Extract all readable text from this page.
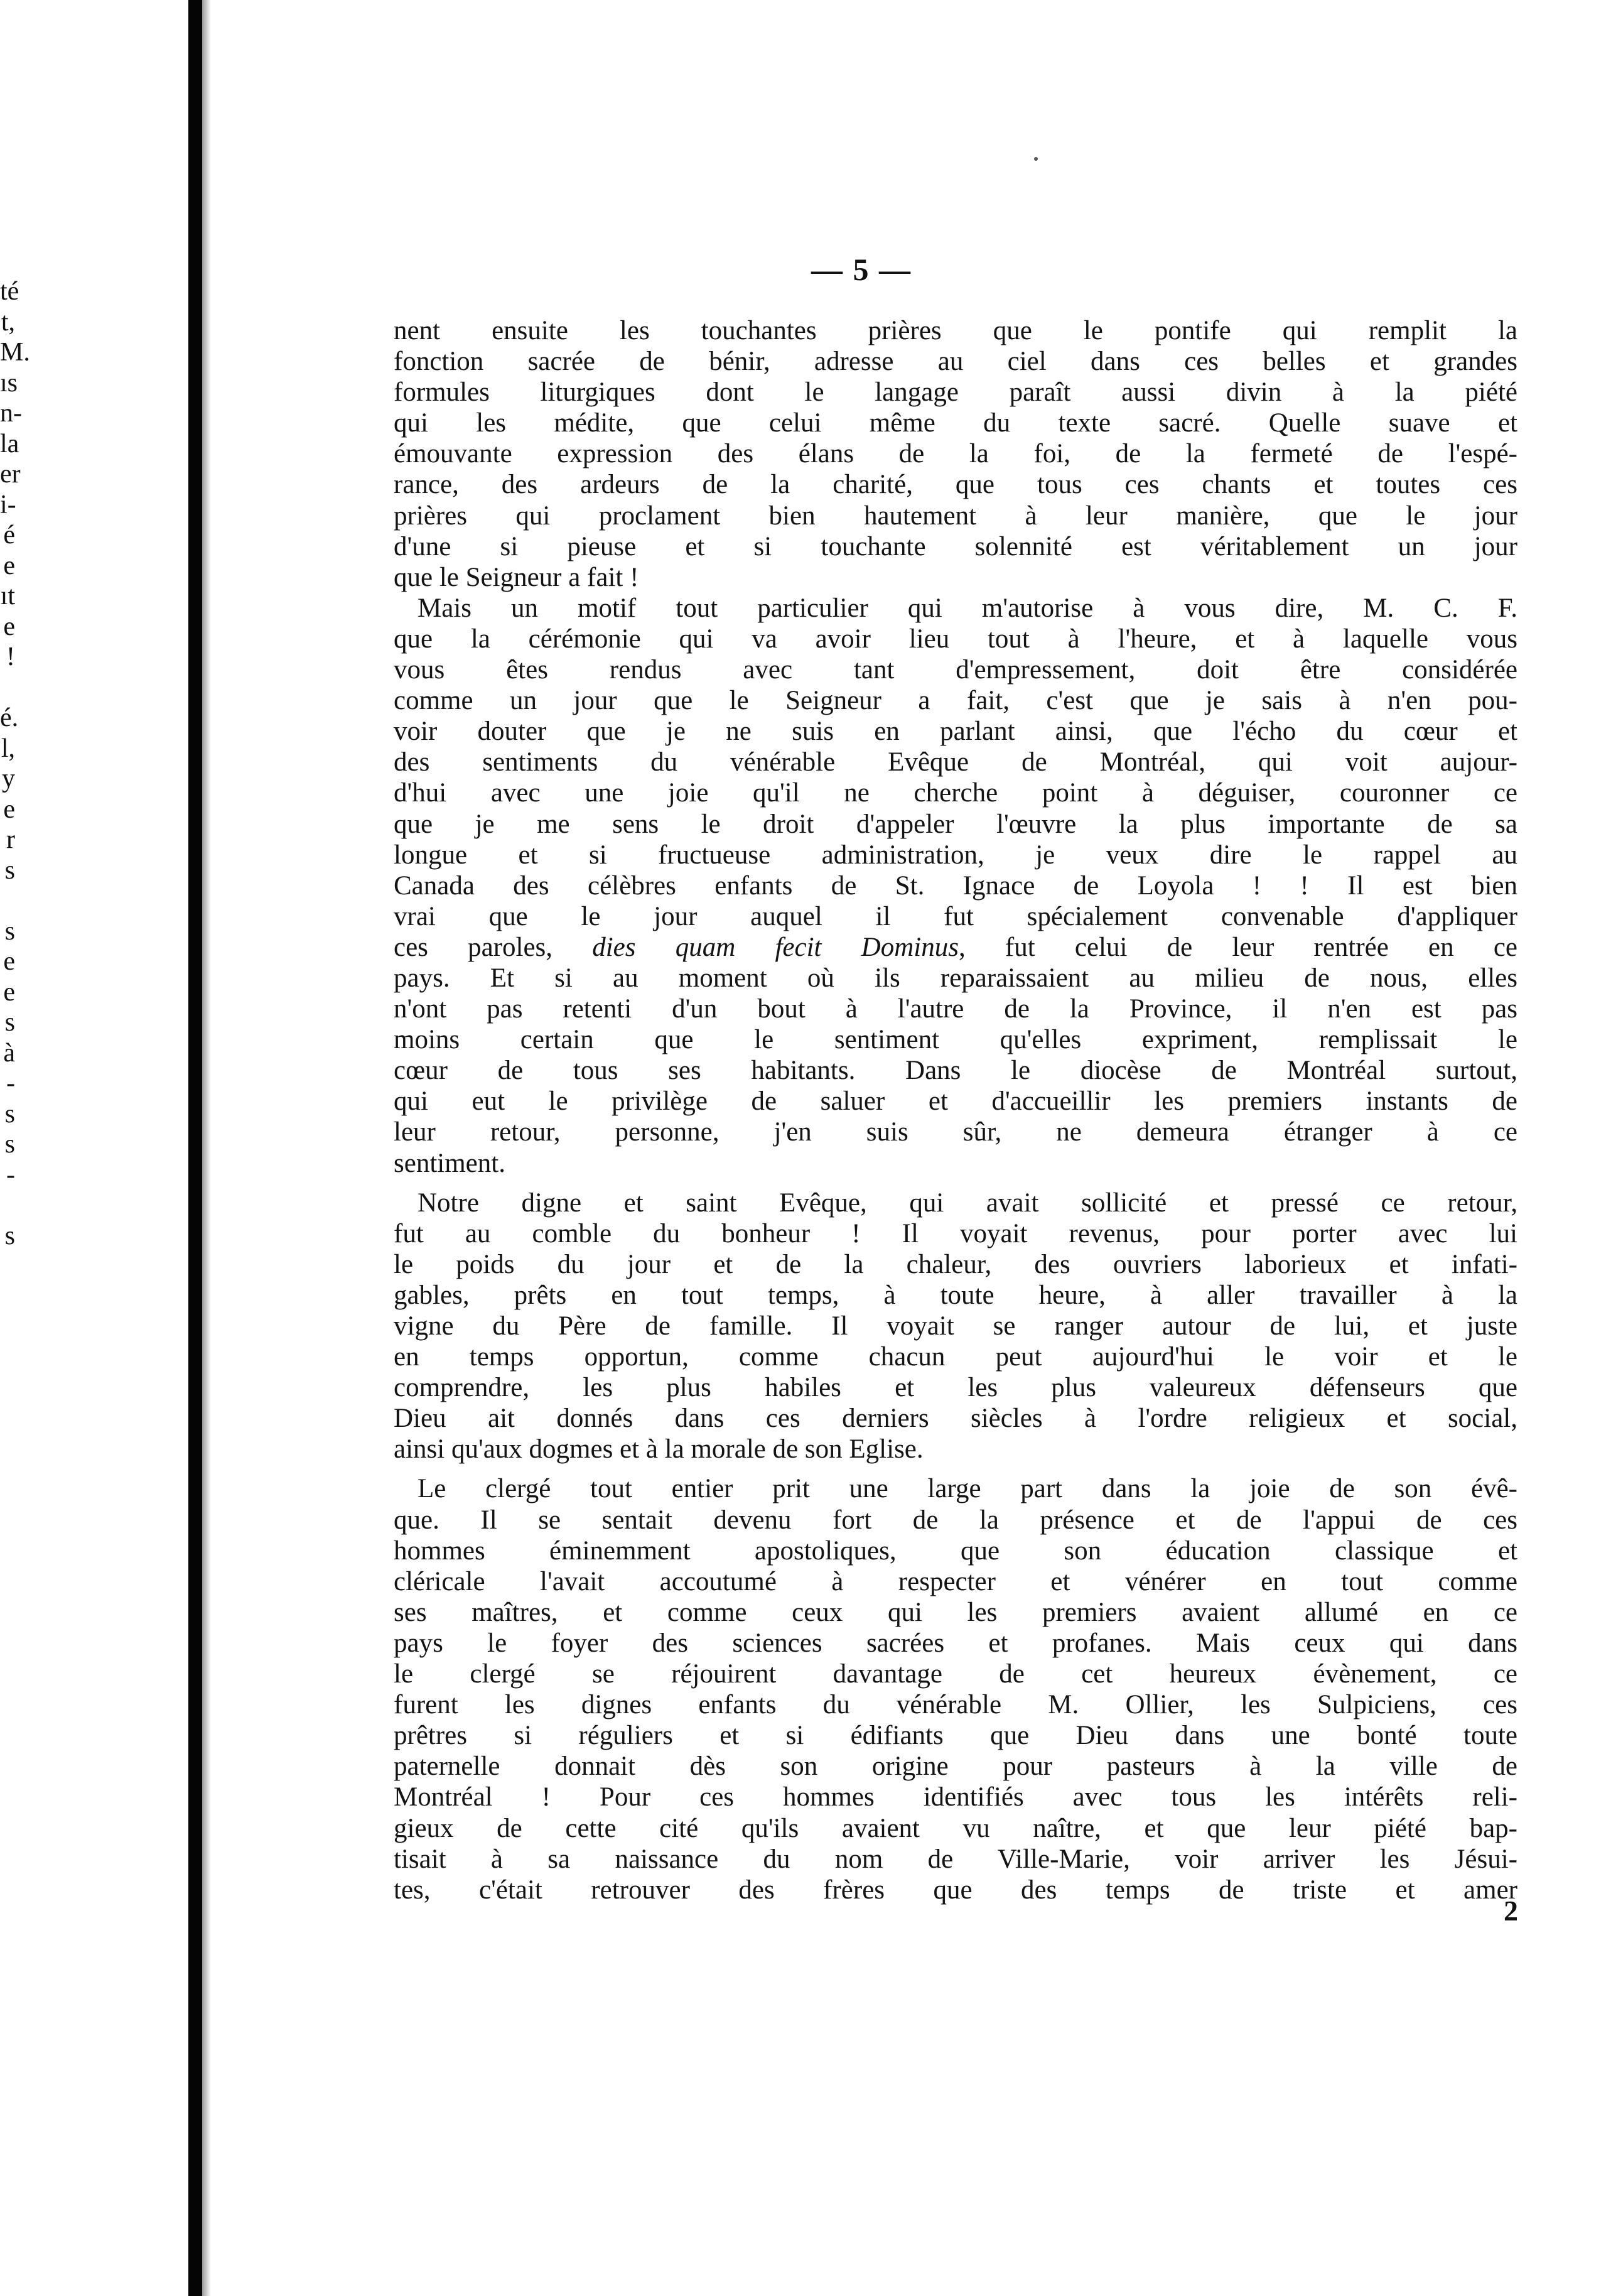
té
t,
M.
ıs
n-
la
er
i-
é
e
ıt
e
!
é.
l,
y
e
r
s
s
e
e
s
à
-
s
s
-
s
— 5 —
nent ensuite les touchantes prières que le pontife qui remplit la
fonction sacrée de bénir, adresse au ciel dans ces belles et grandes
formules liturgiques dont le langage paraît aussi divin à la piété
qui les médite, que celui même du texte sacré. Quelle suave et
émouvante expression des élans de la foi, de la fermeté de l'espé-
rance, des ardeurs de la charité, que tous ces chants et toutes ces
prières qui proclament bien hautement à leur manière, que le jour
d'une si pieuse et si touchante solennité est véritablement un jour
que le Seigneur a fait !
Mais un motif tout particulier qui m'autorise à vous dire, M. C. F.
que la cérémonie qui va avoir lieu tout à l'heure, et à laquelle vous
vous êtes rendus avec tant d'empressement, doit être considérée
comme un jour que le Seigneur a fait, c'est que je sais à n'en pou-
voir douter que je ne suis en parlant ainsi, que l'écho du cœur et
des sentiments du vénérable Evêque de Montréal, qui voit aujour-
d'hui avec une joie qu'il ne cherche point à déguiser, couronner ce
que je me sens le droit d'appeler l'œuvre la plus importante de sa
longue et si fructueuse administration, je veux dire le rappel au
Canada des célèbres enfants de St. Ignace de Loyola ! ! Il est bien
vrai que le jour auquel il fut spécialement convenable d'appliquer
ces paroles, dies quam fecit Dominus, fut celui de leur rentrée en ce
pays. Et si au moment où ils reparaissaient au milieu de nous, elles
n'ont pas retenti d'un bout à l'autre de la Province, il n'en est pas
moins certain que le sentiment qu'elles expriment, remplissait le
cœur de tous ses habitants. Dans le diocèse de Montréal surtout,
qui eut le privilège de saluer et d'accueillir les premiers instants de
leur retour, personne, j'en suis sûr, ne demeura étranger à ce
sentiment.
Notre digne et saint Evêque, qui avait sollicité et pressé ce retour,
fut au comble du bonheur ! Il voyait revenus, pour porter avec lui
le poids du jour et de la chaleur, des ouvriers laborieux et infati-
gables, prêts en tout temps, à toute heure, à aller travailler à la
vigne du Père de famille. Il voyait se ranger autour de lui, et juste
en temps opportun, comme chacun peut aujourd'hui le voir et le
comprendre, les plus habiles et les plus valeureux défenseurs que
Dieu ait donnés dans ces derniers siècles à l'ordre religieux et social,
ainsi qu'aux dogmes et à la morale de son Eglise.
Le clergé tout entier prit une large part dans la joie de son évê-
que. Il se sentait devenu fort de la présence et de l'appui de ces
hommes éminemment apostoliques, que son éducation classique et
cléricale l'avait accoutumé à respecter et vénérer en tout comme
ses maîtres, et comme ceux qui les premiers avaient allumé en ce
pays le foyer des sciences sacrées et profanes. Mais ceux qui dans
le clergé se réjouirent davantage de cet heureux évènement, ce
furent les dignes enfants du vénérable M. Ollier, les Sulpiciens, ces
prêtres si réguliers et si édifiants que Dieu dans une bonté toute
paternelle donnait dès son origine pour pasteurs à la ville de
Montréal ! Pour ces hommes identifiés avec tous les intérêts reli-
gieux de cette cité qu'ils avaient vu naître, et que leur piété bap-
tisait à sa naissance du nom de Ville-Marie, voir arriver les Jésui-
tes, c'était retrouver des frères que des temps de triste et amer
2
